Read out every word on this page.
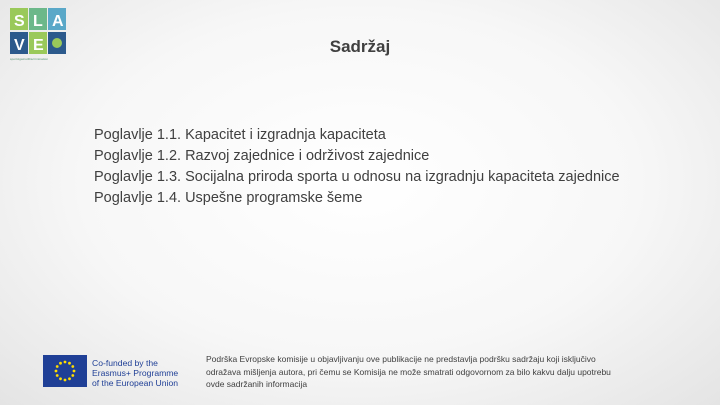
S L A
V E
sportAgainstDiscrimination
Sadržaj
Poglavlje 1.1. Kapacitet i izgradnja kapaciteta
Poglavlje 1.2. Razvoj zajednice i održivost zajednice
Poglavlje 1.3. Socijalna priroda sporta u odnosu na izgradnju kapaciteta zajednice
Poglavlje 1.4. Uspešne programske šeme
Co-funded by the
Erasmus+ Programme
of the European Union
Podrška Evropske komisije u objavljivanju ove publikacije ne predstavlja podršku sadržaju koji isključivo
odražava mišljenja autora, pri čemu se Komisija ne može smatrati odgovornom za bilo kakvu dalju upotrebu
ovde sadržanih informacija
